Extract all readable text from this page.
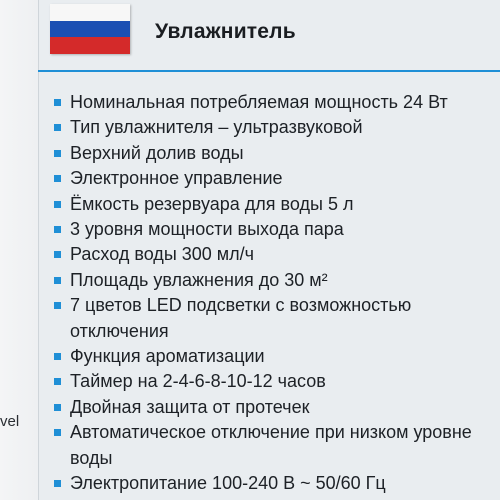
vel
Увлажнитель
Номинальная потребляемая мощность 24 Вт
Тип увлажнителя – ультразвуковой
Верхний долив воды
Электронное управление
Ёмкость резервуара для воды 5 л
3 уровня мощности выхода пара
Расход воды 300 мл/ч
Площадь увлажнения до 30 м²
7 цветов LED подсветки с возможностью отключения
Функция ароматизации
Таймер на 2-4-6-8-10-12 часов
Двойная защита от протечек
Автоматическое отключение при низком уровне воды
Электропитание 100-240 В ~ 50/60 Гц
